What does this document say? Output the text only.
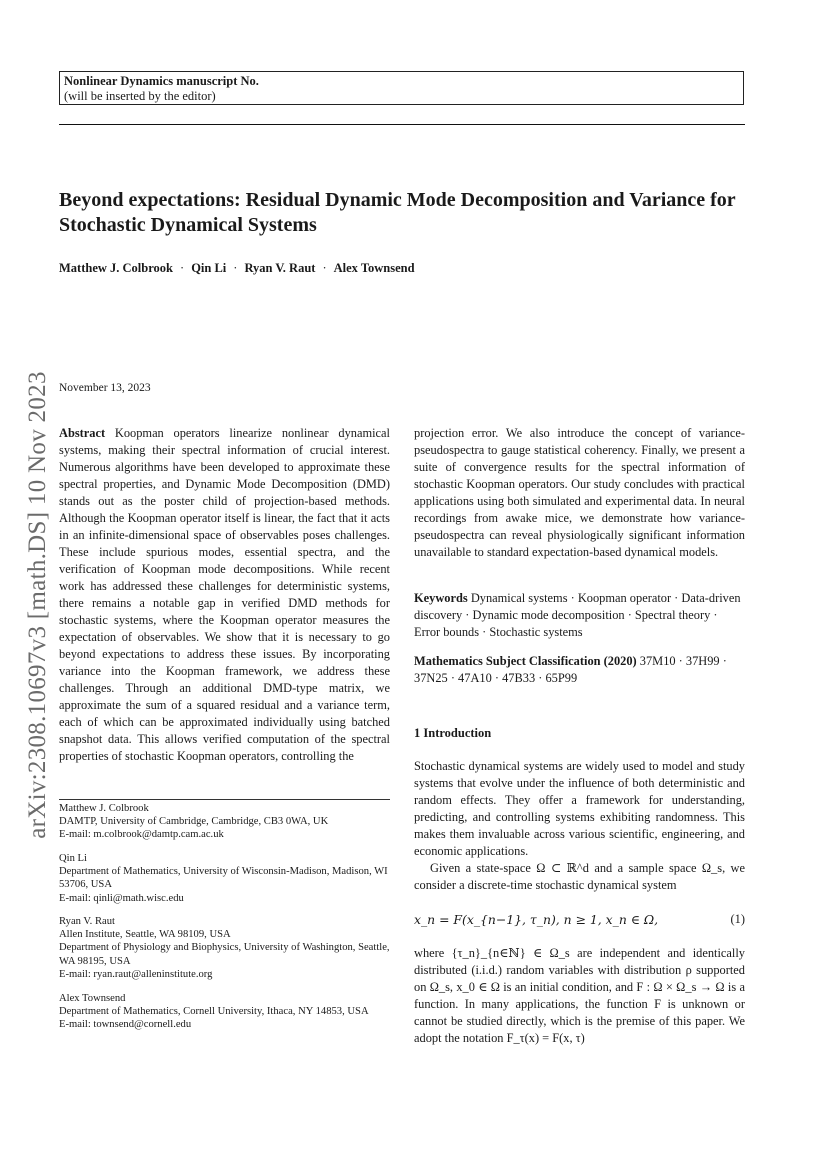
Nonlinear Dynamics manuscript No.
(will be inserted by the editor)
Beyond expectations: Residual Dynamic Mode Decomposition and Variance for Stochastic Dynamical Systems
Matthew J. Colbrook · Qin Li · Ryan V. Raut · Alex Townsend
arXiv:2308.10697v3 [math.DS] 10 Nov 2023 November 13, 2023
Abstract Koopman operators linearize nonlinear dynamical systems, making their spectral information of crucial interest. Numerous algorithms have been developed to approximate these spectral properties, and Dynamic Mode Decomposition (DMD) stands out as the poster child of projection-based methods. Although the Koopman operator itself is linear, the fact that it acts in an infinite-dimensional space of observables poses challenges. These include spurious modes, essential spectra, and the verification of Koopman mode decompositions. While recent work has addressed these challenges for deterministic systems, there remains a notable gap in verified DMD methods for stochastic systems, where the Koopman operator measures the expectation of observables. We show that it is necessary to go beyond expectations to address these issues. By incorporating variance into the Koopman framework, we address these challenges. Through an additional DMD-type matrix, we approximate the sum of a squared residual and a variance term, each of which can be approximated individually using batched snapshot data. This allows verified computation of the spectral properties of stochastic Koopman operators, controlling the
projection error. We also introduce the concept of variance-pseudospectra to gauge statistical coherency. Finally, we present a suite of convergence results for the spectral information of stochastic Koopman operators. Our study concludes with practical applications using both simulated and experimental data. In neural recordings from awake mice, we demonstrate how variance-pseudospectra can reveal physiologically significant information unavailable to standard expectation-based dynamical models.
Keywords Dynamical systems · Koopman operator · Data-driven discovery · Dynamic mode decomposition · Spectral theory · Error bounds · Stochastic systems
Mathematics Subject Classification (2020) 37M10 · 37H99 · 37N25 · 47A10 · 47B33 · 65P99
1 Introduction

Stochastic dynamical systems are widely used to model and study systems that evolve under the influence of both deterministic and random effects. They offer a framework for understanding, predicting, and controlling systems exhibiting randomness. This makes them invaluable across various scientific, engineering, and economic applications.

Given a state-space Ω ⊂ ℝ^d and a sample space Ω_s, we consider a discrete-time stochastic dynamical system

x_n = F(x_{n−1}, τ_n), n ≥ 1, x_n ∈ Ω,	(1)
where {τ_n}_{n∈ℕ} ∈ Ω_s are independent and identically distributed (i.i.d.) random variables with distribution ρ supported on Ω_s, x_0 ∈ Ω is an initial condition, and F : Ω × Ω_s → Ω is a function. In many applications, the function F is unknown or cannot be studied directly, which is the premise of this paper. We adopt the notation F_τ(x) = F(x, τ)
Matthew J. Colbrook
DAMTP, University of Cambridge, Cambridge, CB3 0WA, UK
E-mail: m.colbrook@damtp.cam.ac.uk
Qin Li
Department of Mathematics, University of Wisconsin-Madison, Madison, WI 53706, USA
E-mail: qinli@math.wisc.edu
Ryan V. Raut
Allen Institute, Seattle, WA 98109, USA
Department of Physiology and Biophysics, University of Washington, Seattle, WA 98195, USA
E-mail: ryan.raut@alleninstitute.org
Alex Townsend
Department of Mathematics, Cornell University, Ithaca, NY 14853, USA
E-mail: townsend@cornell.edu
